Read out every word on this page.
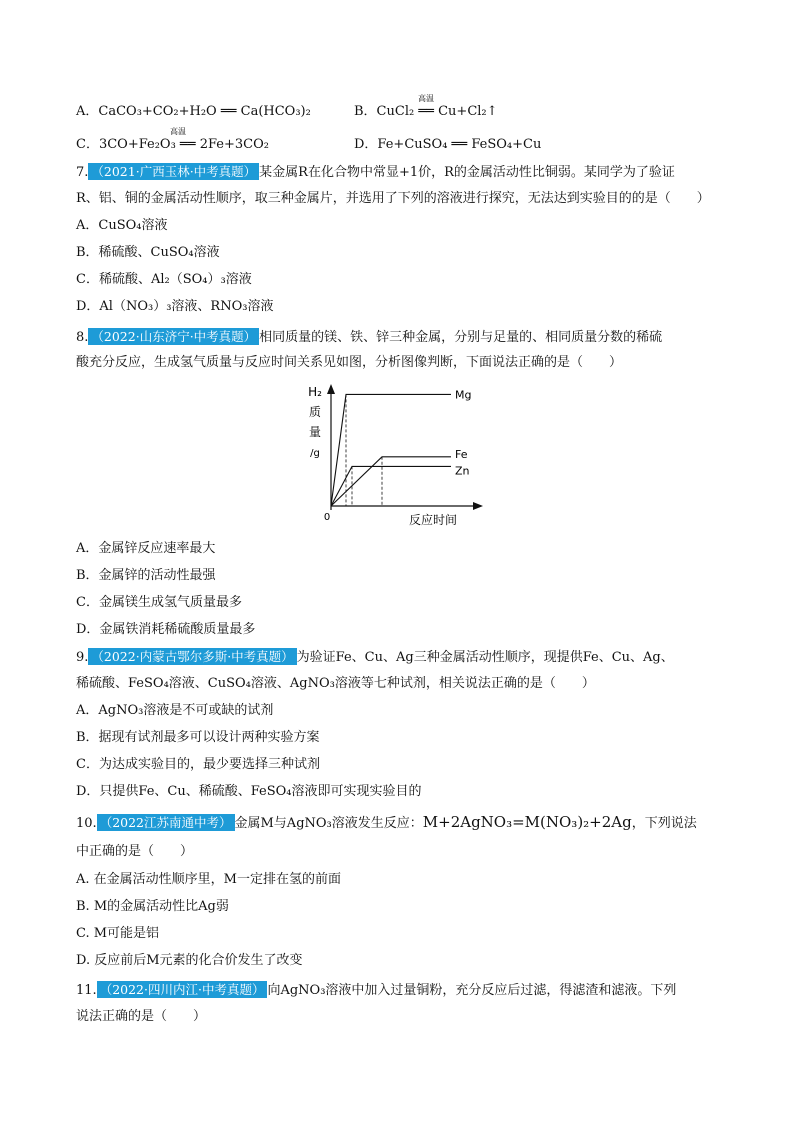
A．CaCO₃+CO₂+H₂O ══ Ca(HCO₃)₂	B．CuCl₂ ══ Cu+Cl₂↑
C．3CO+Fe₂O₃ ══ 2Fe+3CO₂	D．Fe+CuSO₄ ══ FeSO₄+Cu
高温
高温
7. （2021·广西玉林·中考真题） 某金属R在化合物中常显+1价，R的金属活动性比铜弱。某同学为了验证
R、铝、铜的金属活动性顺序，取三种金属片，并选用了下列的溶液进行探究，无法达到实验目的的是（　　）
A．CuSO₄溶液
B．稀硫酸、CuSO₄溶液
C．稀硫酸、Al₂（SO₄）₃溶液
D．Al（NO₃）₃溶液、RNO₃溶液
8. （2022·山东济宁·中考真题） 相同质量的镁、铁、锌三种金属，分别与足量的、相同质量分数的稀硫
酸充分反应，生成氢气质量与反应时间关系见如图，分析图像判断，下面说法正确的是（　　）
H₂
质
量
/g
0	反应时间
Mg
Fe
Zn
A．金属锌反应速率最大
B．金属锌的活动性最强
C．金属镁生成氢气质量最多
D．金属铁消耗稀硫酸质量最多
9. （2022·内蒙古鄂尔多斯·中考真题） 为验证Fe、Cu、Ag三种金属活动性顺序，现提供Fe、Cu、Ag、
稀硫酸、FeSO₄溶液、CuSO₄溶液、AgNO₃溶液等七种试剂，相关说法正确的是（　　）
A．AgNO₃溶液是不可或缺的试剂
B．据现有试剂最多可以设计两种实验方案
C．为达成实验目的，最少要选择三种试剂
D．只提供Fe、Cu、稀硫酸、FeSO₄溶液即可实现实验目的
10. （2022江苏南通中考） 金属M与AgNO₃溶液发生反应：M+2AgNO₃=M(NO₃)₂+2Ag，下列说法
中正确的是（　　）
A. 在金属活动性顺序里，M一定排在氢的前面
B. M的金属活动性比Ag弱
C. M可能是铝
D. 反应前后M元素的化合价发生了改变
11. （2022·四川内江·中考真题） 向AgNO₃溶液中加入过量铜粉，充分反应后过滤，得滤渣和滤液。下列
说法正确的是（　　）
